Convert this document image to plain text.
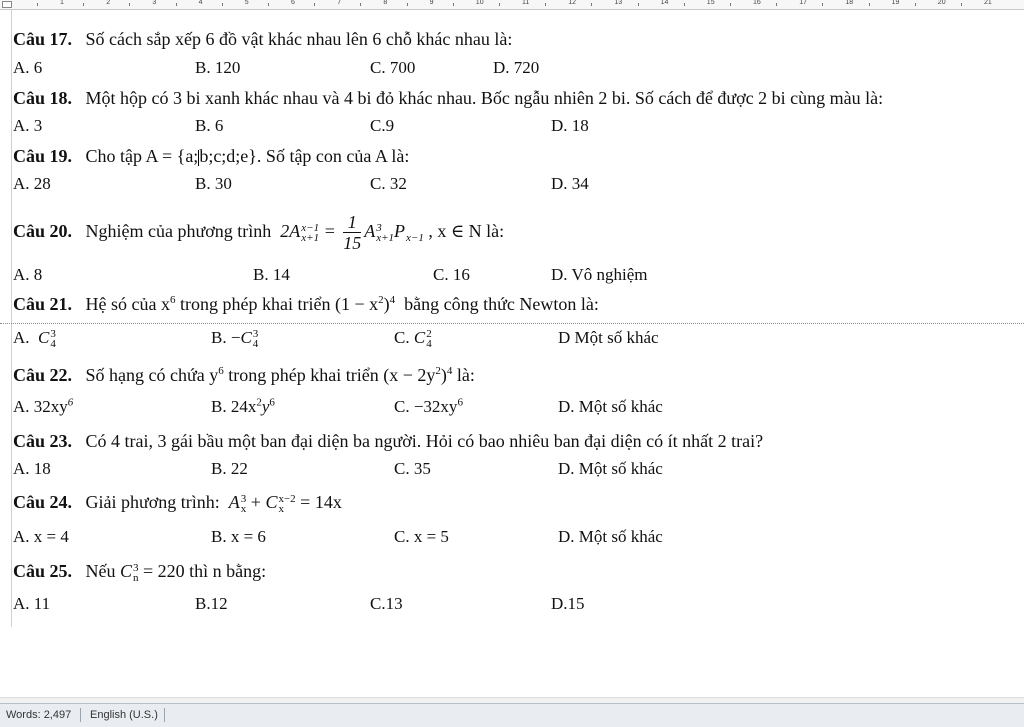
1	2	3	4	5	6	7	8	9	10	11	12	13	14	15	16	17	18	19	20	21
Câu 17. Số cách sắp xếp 6 đồ vật khác nhau lên 6 chỗ khác nhau là:
A. 6	B. 120	C. 700	D. 720
Câu 18. Một hộp có 3 bi xanh khác nhau và 4 bi đỏ khác nhau. Bốc ngẫu nhiên 2 bi. Số cách để được 2 bi cùng màu là:
A. 3	B. 6	C.9	D. 18
Câu 19. Cho tập A = {a;b;c;d;e}. Số tập con của A là:
A. 28	B. 30	C. 32	D. 34
Câu 20. Nghiệm của phương trình  2A x−1
$x+1 = \frac{1}{15}$ A 3
x+1 P
x−1 , x ∈ N là:
A. 8	B. 14	C. 16	D. Vô nghiệm
Câu 21. Hệ só của $x^6$ trong phép khai triển $(1 - x^2)^4$ bằng công thức Newton là:
A. C 3
4	B. −C 3
4	C. C 2
4	D Một số khác
Câu 22. Số hạng có chứa $y^6$ trong phép khai triển $(x - 2y^2)^4$ là:
A. $32xy^6$	B. $24x^2y^6$	C. $-32xy^6$	D. Một số khác
Câu 23. Có 4 trai, 3 gái bầu một ban đại diện ba người. Hỏi có bao nhiêu ban đại diện có ít nhất 2 trai?
A. 18	B. 22	C. 35	D. Một số khác
Câu 24. Giải phương trình: A 3
x + C x−2
x = 14x
A. x = 4	B. x = 6	C. x = 5	D. Một số khác
Câu 25. Nếu C 3
n = 220 thì n bằng:
A. 11	B.12	C.13	D.15
Words: 2,497 English (U.S.)
